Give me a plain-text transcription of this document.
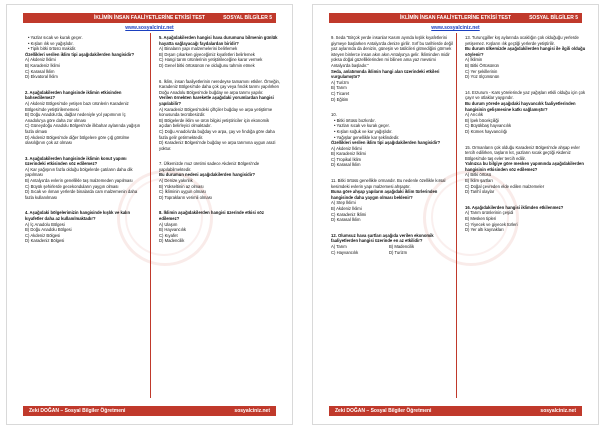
İKLİMİN İNSAN FAALİYETLERİNE ETKİSİ TEST	SOSYAL BİLGİLER 5
www.sosyalciniz.net
• Yazlar sıcak ve kurak geçer.
• Kışları ılık ve yağışlıdır.
• Tipik bitki örtüsü makidir.
Özellikleri verilen iklim tipi aşağıdakilerden hangisidir?
A) Akdeniz İklimi
B) Karadeniz İklimi
C) Karasal İklim
D) Ekvatoral İklim
2. Aşağıdakilerden hangisinde iklimin etkisinden bahsedilemez?
A) Akdeniz Bölgesi'nde yetişen bazı ürünlerin Karadeniz Bölgesi'nde yetiştirilememesi
B) Doğu Anadolu'da, dağlar nedeniyle yol yapımının İç Anadolu'ya göre daha zor olması
C) Güneydoğu Anadolu Bölgesi'nde ilkbahar aylarında yağışın fazla olması
D) Akdeniz Bölgesi'nde diğer bölgelere göre çığ görülme olasılığının çok az olması
3. Aşağıdakilerden hangisinde iklimin konut yapımı üzerindeki etkisinden söz edilemez?
A) Kar yağışının fazla olduğu bölgelerde çatıların daha dik yapılması
B) Antalya'da evlerin genellikle taş malzemeden yapılması
C) Büyük şehirlerde gecekonduların yaygın olması
D) Sıcak ve ılıman yerlerde binalarda cam malzemenin daha fazla kullanılması
4. Aşağıdaki bölgelerimizin hangisinde kışlık ve kalın kıyafetler daha az kullanılmaktadır?
A) İç Anadolu Bölgesi
B) Doğu Anadolu Bölgesi
C) Akdeniz Bölgesi
D) Karadeniz Bölgesi
5. Aşağıdakilerden hangisi hava durumunu bilmenin günlük hayatta sağlayacağı faydalardan biridir?
A) Binaların yapı malzemelerini belirlemek
B) Dışarı çıkarken giyeceğimiz kıyafetleri belirlemek
C) Hangi tarım ürünlerinin yetiştirileceğine karar vermek
D) Genel bitki örtüsünün ne olduğunu tahmin etmek
6. İklim, insan faaliyetlerinin neredeyse tamamını etkiler. Örneğin, Karadeniz Bölgesi'nde daha çok çay veya fındık tarımı yapılırken Doğu Anadolu Bölgesi'nde buğday ve arpa tarımı yapılır.
Verilen örnekten hareketle aşağıdaki yorumlardan hangisi yapılabilir?
A) Karadeniz Bölgesi'ndeki çiftçiler buğday ve arpa yetiştirme konusunda tecrübesizdir.
B) Bölgelerde iklim ve ürün bilgisi yetiştiriciler için ekonomik açıdan belirleyici olmaktadır.
C) Doğu Anadolu'da buğday ve arpa, çay ve fındığa göre daha fazla gelir getirmektedir.
D) Karadeniz Bölgesi'nde buğday ve arpa tarımına uygun arazi yoktur.
7. Ülkemizde muz üretimi sadece Akdeniz Bölgesi'nde yapılabilmektedir.
Bu durumun nedeni aşağıdakilerden hangisidir?
A) Denize yakınlık
B) Yükseltinin az olması
C) İkliminin uygun olması
D) Toprakların verimli olması
8. İklimin aşağıdakilerden hangisi üzerinde etkisi söz edilemez?
A) Ulaşım
B) Hayvancılık
C) Kıyafet
D) Madencilik
Zeki DOĞAN – Sosyal Bilgiler Öğretmeni	sosyalciniz.net
İKLİMİN İNSAN FAALİYETLERİNE ETKİSİ TEST	SOSYAL BİLGİLER 5
www.sosyalciniz.net
9. Seda "Birçok yerde insanlar Kasım ayında kışlık kıyafetlerini giymeye başlarken Antalya'da denize girilir. Sırf bu tarihlerde değil yaz aylarında da denizin, güneşin ve tatilcileri gitmediğini görmek isteyen binlerce insan akın akın Antalya'ya gelir. İkliminden midir yoksa doğal güzelliklerinden mi bilinen ama yaz mevsimi Antalya'da başladır."
Seda, anlatımında iklimin hangi alan üzerindeki etkileri vurgulamıştır?
A) Turizm
B) Tarım
C) Ticaret
D) Eğitim
10.
• Bitki örtüsü bozkırdır.
• Yazları sıcak ve kurak geçer.
• Kışları soğuk ve kar yağışlıdır.
• Yağışlar genellikle kar şeklindedir.
Özellikleri verilen iklim tipi aşağıdakilerden hangisidir?
A) Akdeniz İklimi
B) Karadeniz İklimi
C) Tropikal İklim
D) Karasal İklim
11. Bitki örtüsü genellikle ormandır. Bu nedenle özellikle kırsal kesimdeki evlerin yapı malzemesi ahşaptır.
Buna göre ahşap yapıların aşağıdaki iklim türlerinden hangisinde daha yaygın olması beklenir?
A) Step İklimi
B) Akdeniz İklimi
C) Karadeniz İklimi
D) Karasal İklim
12. Olumsuz hava şartları aşağıda verilen ekonomik faaliyetlerden hangisi üzerinde en az etkilidir?
A) Tarım	B) Madencilik
C) Hayvancılık	D) Turizm
13. Turunçgiller kış aylarında ocaklığın çok olduğuğu yerlerde yetişemez. Kışların ılık geçtiği yerlerde yetiştirilir.
Bu durum ülkemizde aşağıdakilerden hangisi ile ilgili olduğu söylenir?
A) İklimin
B) Bitki Örtüsünün
C) Yer şekillerinin
D) Yüz ölçümünün
14. Erzurum - Kars yörelerinde yaz yağışları etkili olduğu için çok çayır ve otlaklar yaygındır.
Bu durum yörede aşağıdaki hayvancılık faaliyetlerinden hangisinin gelişmesine katkı sağlamıştır?
A) Arıcılık
B) İpek böcekçiliği
C) Büyükbaş hayvancılık
D) Kümes hayvancılığı
15. Ormanların çok olduğu Karadeniz Bölgesi'nde ahşap evler tercih edilirken, taşların kıt, yazların sıcak geçtiği Akdeniz Bölgesi'nde taş evler tercih edilir.
Yalnızca bu bilgiye göre mesken yapımında aşağıdakilerden hangisinin etkisinden söz edilemez?
A) Bitki örtüsü
B) İklim şartları
C) Doğal çevreden elde edilen malzemeler
D) Tarihî olaylar
16. Aşağıdakilerden hangisi iklimden etkilenmez?
A) Tarım ürünlerinin çeşidi
B) Mesken tipleri
C) Yiyecek ve giyecek türleri
D) Yer altı kaynakları
Zeki DOĞAN – Sosyal Bilgiler Öğretmeni	sosyalciniz.net
